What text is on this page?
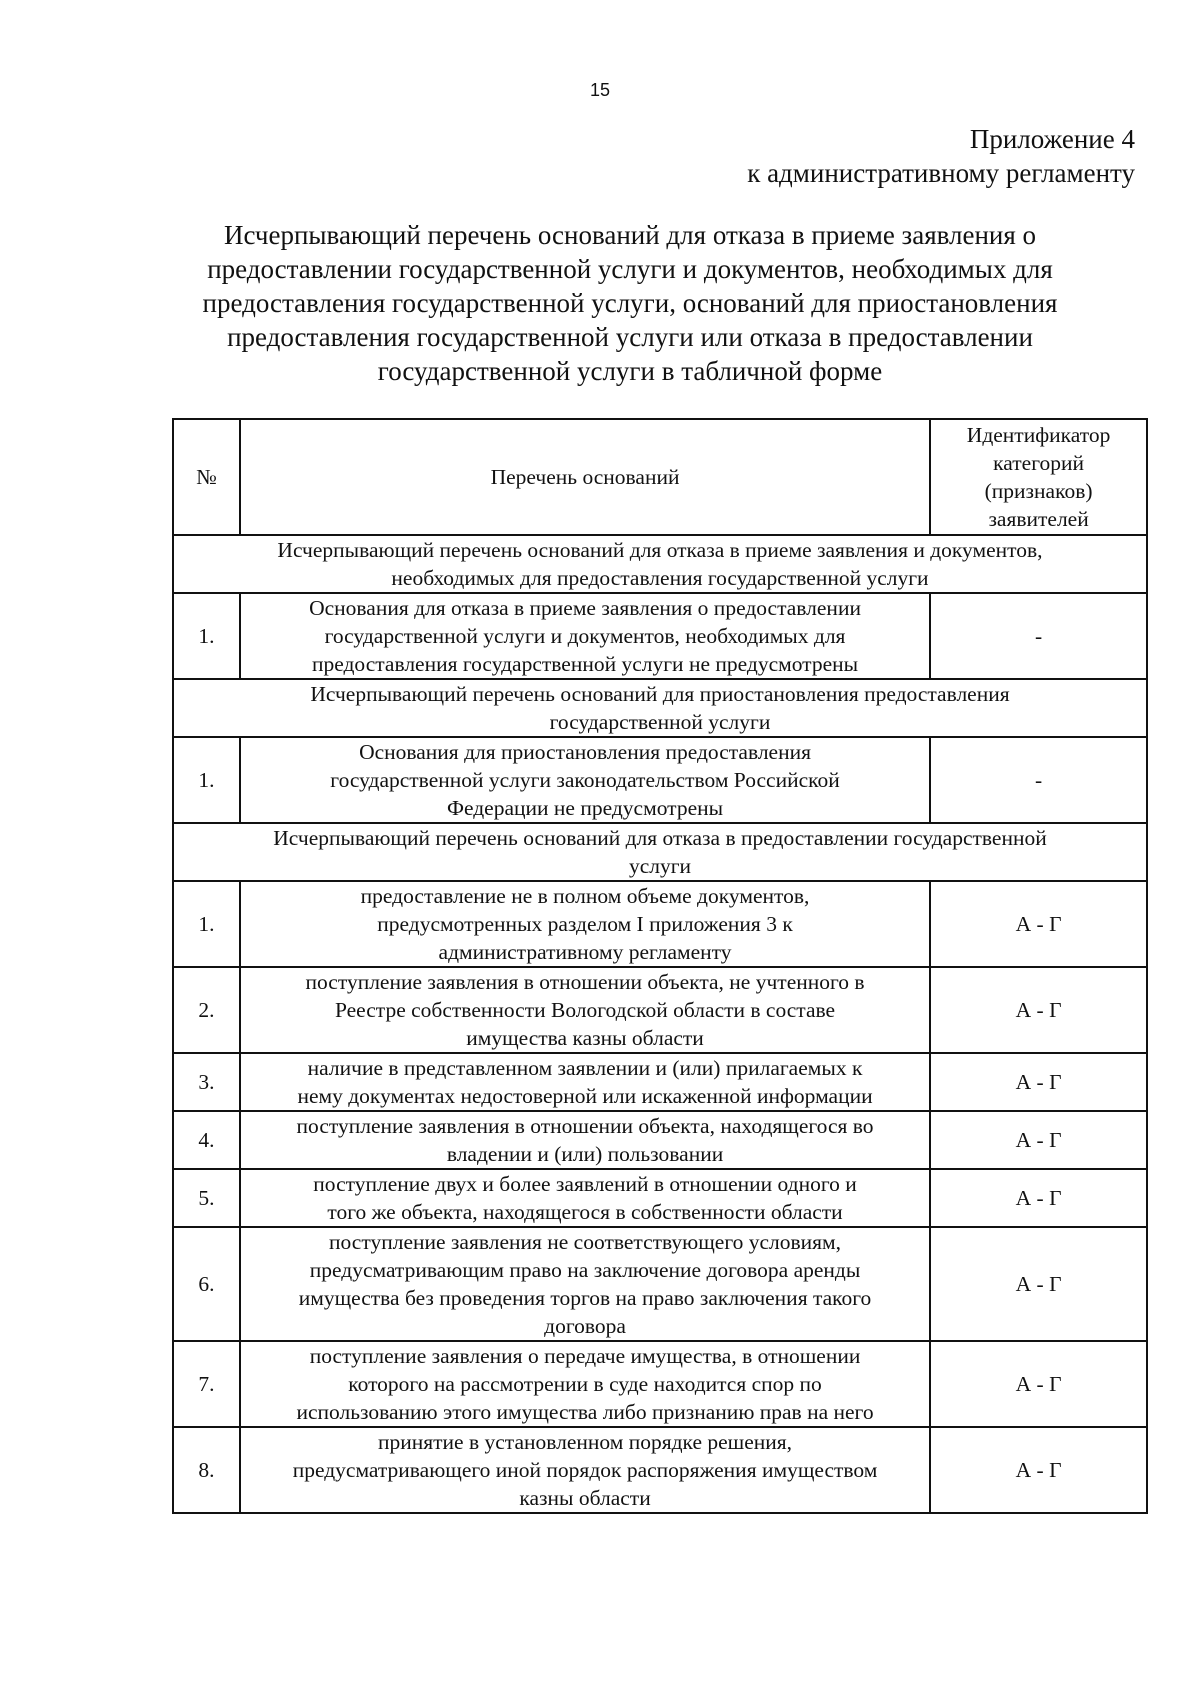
15
Приложение 4
к административному регламенту
Исчерпывающий перечень оснований для отказа в приеме заявления о
предоставлении государственной услуги и документов, необходимых для
предоставления государственной услуги, оснований для приостановления
предоставления государственной услуги или отказа в предоставлении
государственной услуги в табличной форме
№	Перечень оснований	Идентификатор
категорий
(признаков)
заявителей

Исчерпывающий перечень оснований для отказа в приеме заявления и документов,
необходимых для предоставления государственной услуги		

1.	Основания для отказа в приеме заявления о предоставлении
государственной услуги и документов, необходимых для
предоставления государственной услуги не предусмотрены	-

Исчерпывающий перечень оснований для приостановления предоставления
государственной услуги		

1.	Основания для приостановления предоставления
государственной услуги законодательством Российской
Федерации не предусмотрены	-

Исчерпывающий перечень оснований для отказа в предоставлении государственной
услуги		

1.	предоставление не в полном объеме документов,
предусмотренных разделом I приложения 3 к
административному регламенту	А - Г
2.	поступление заявления в отношении объекта, не учтенного в
Реестре собственности Вологодской области в составе
имущества казны области	А - Г
3.	наличие в представленном заявлении и (или) прилагаемых к
нему документах недостоверной или искаженной информации	А - Г
4.	поступление заявления в отношении объекта, находящегося во
владении и (или) пользовании	А - Г
5.	поступление двух и более заявлений в отношении одного и
того же объекта, находящегося в собственности области	А - Г
6.	поступление заявления не соответствующего условиям,
предусматривающим право на заключение договора аренды
имущества без проведения торгов на право заключения такого
договора	А - Г
7.	поступление заявления о передаче имущества, в отношении
которого на рассмотрении в суде находится спор по
использованию этого имущества либо признанию прав на него	А - Г
8.	принятие в установленном порядке решения,
предусматривающего иной порядок распоряжения имуществом
казны области	А - Г
